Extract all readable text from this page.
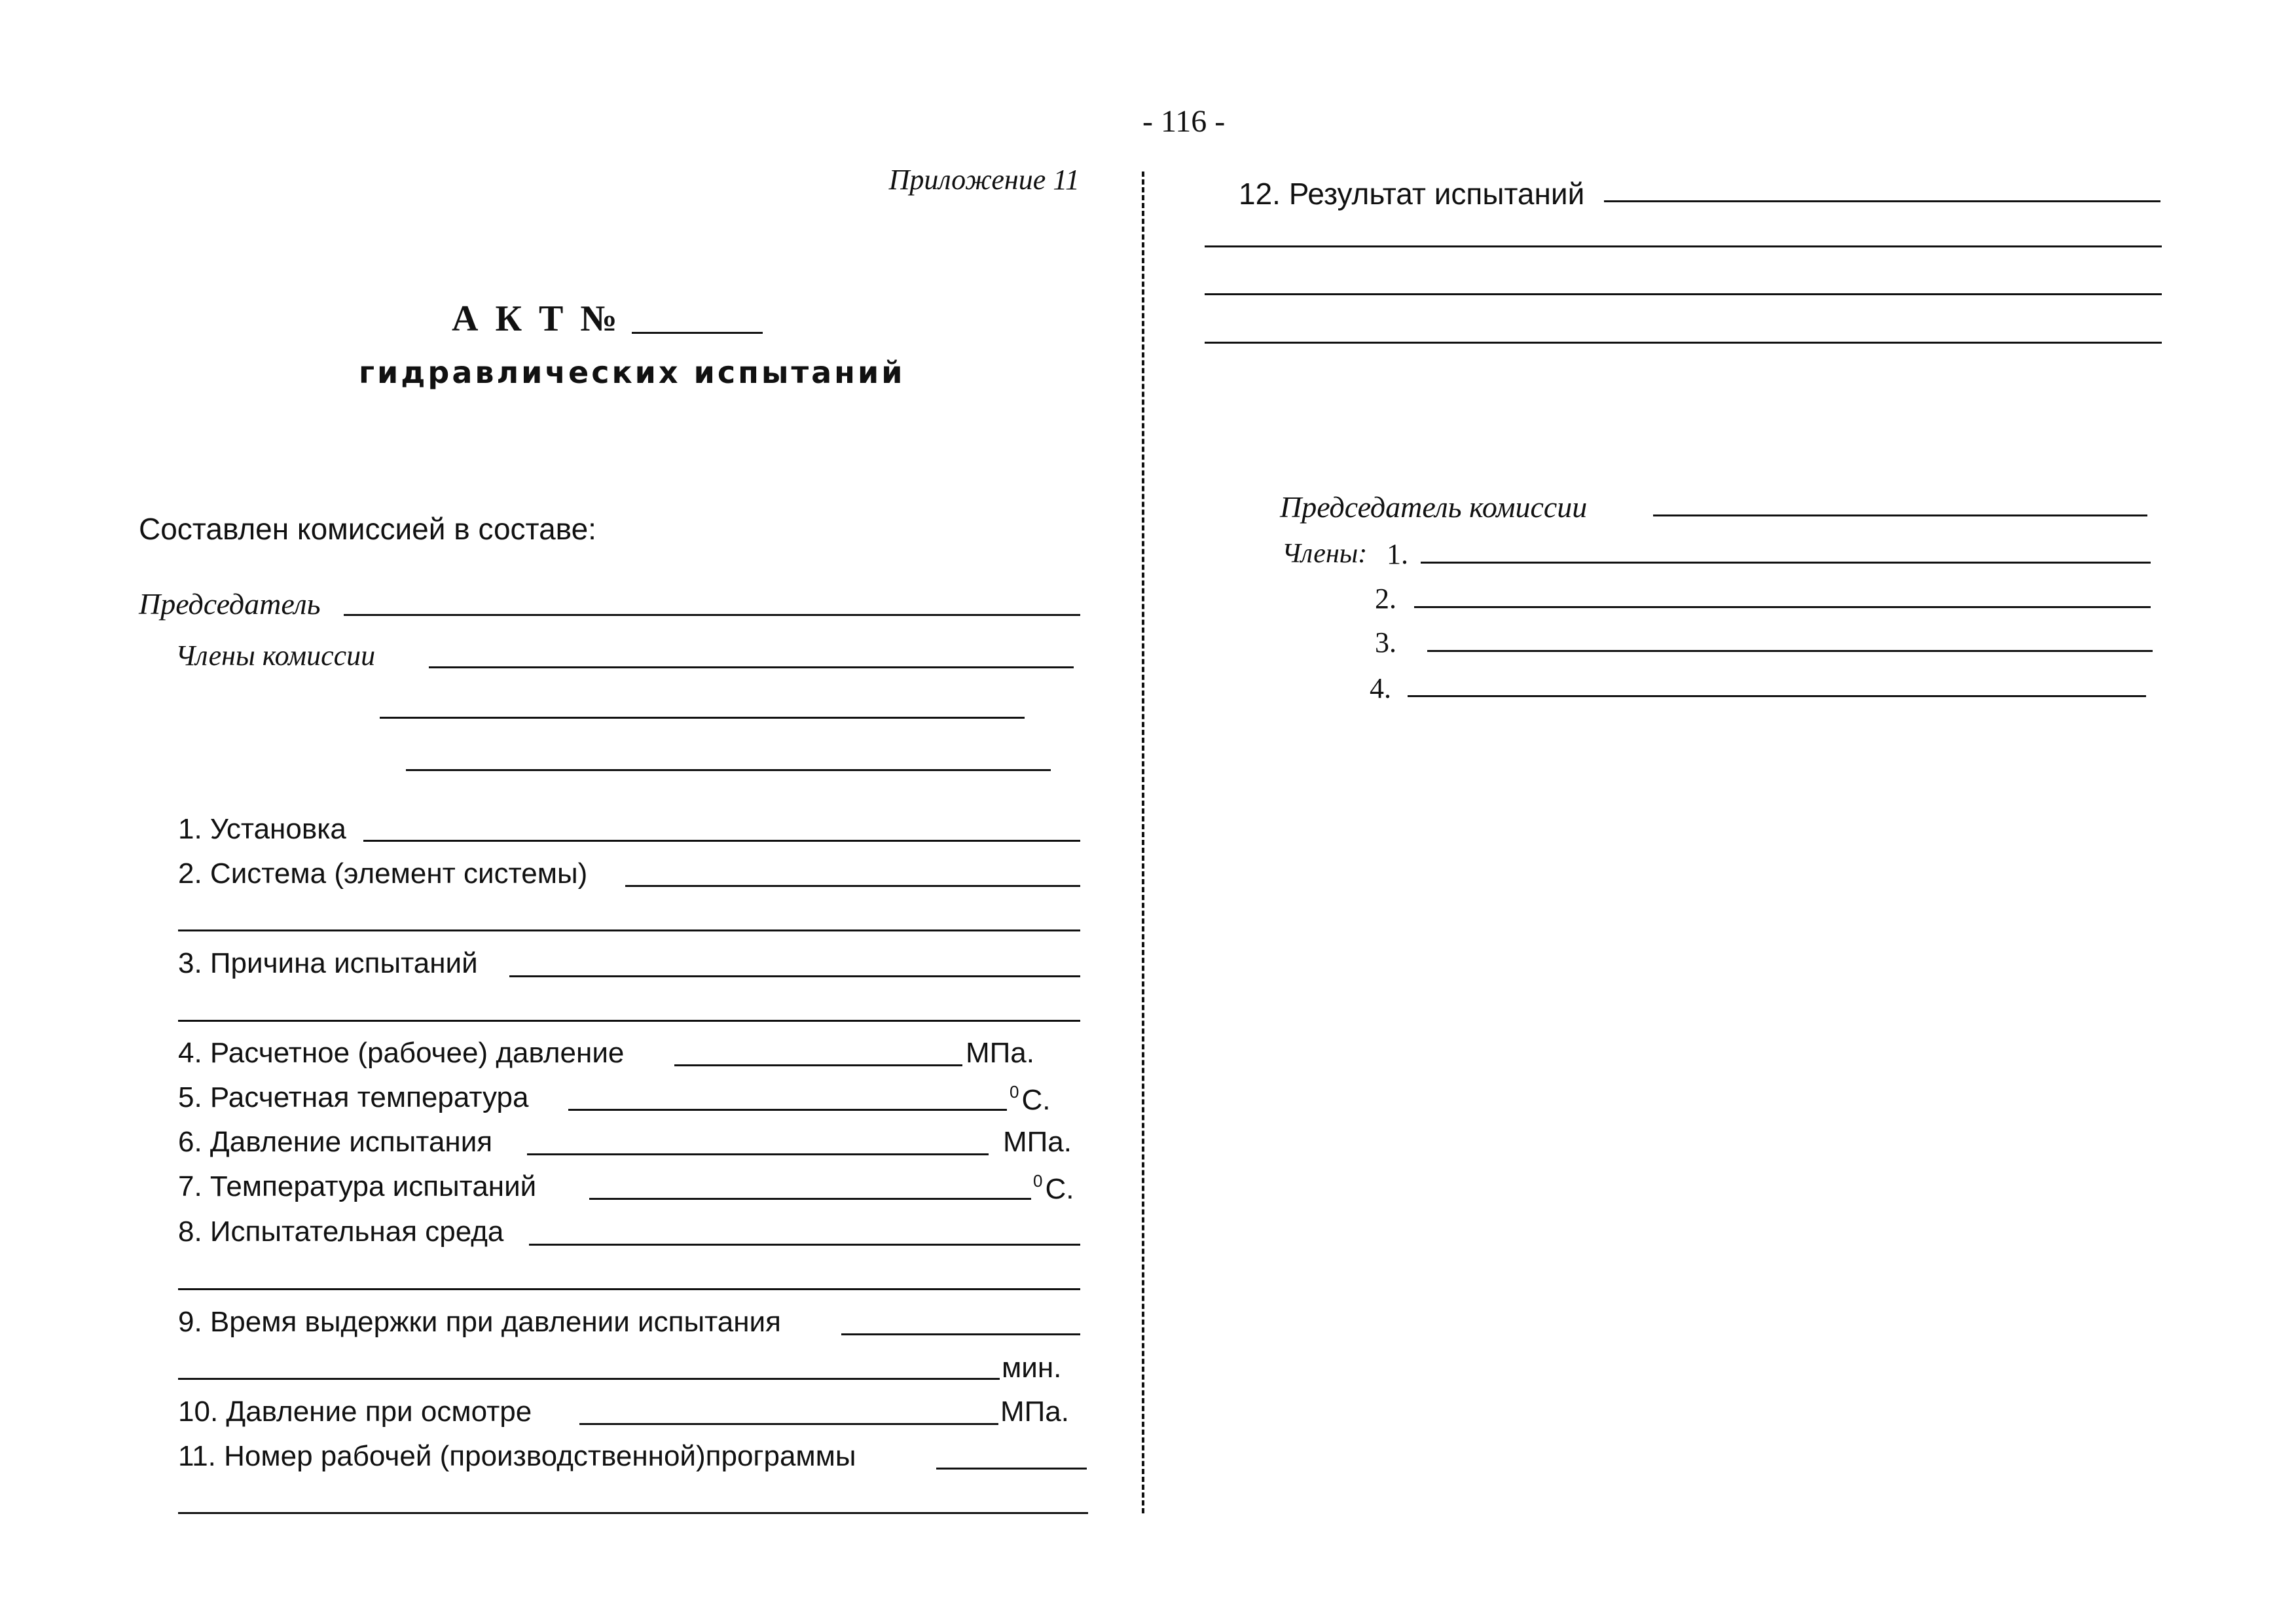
- 116 -
Приложение 11
А К Т №
гидравлических испытаний
Составлен комиссией в составе:
Председатель
Члены комиссии
1. Установка
2. Система (элемент системы)
3. Причина испытаний
4. Расчетное (рабочее) давление	МПа.
5. Расчетная температура	$^0$С.
6. Давление испытания	МПа.
7. Температура испытаний	$^0$С.
8. Испытательная среда
9. Время выдержки при давлении испытания
мин.
10. Давление при осмотре	МПа.
11. Номер рабочей (производственной)программы
12. Результат испытаний
Председатель комиссии
Члены: 1.
2.
3.
4.
